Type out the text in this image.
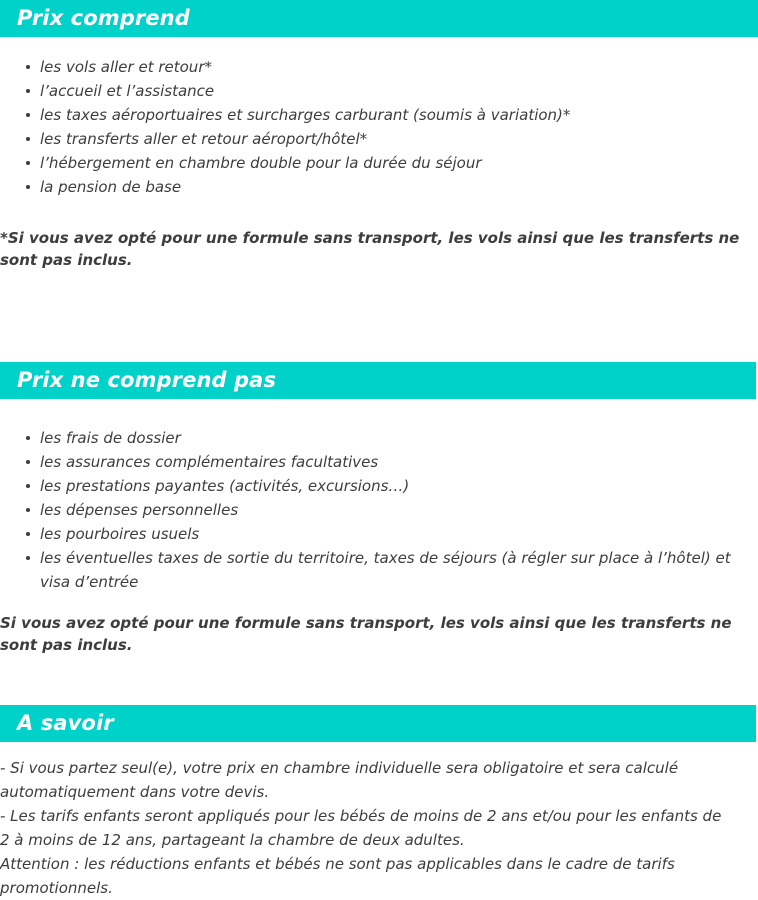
Prix comprend
les vols aller et retour*
l’accueil et l’assistance
les taxes aéroportuaires et surcharges carburant (soumis à variation)*
les transferts aller et retour aéroport/hôtel*
l’hébergement en chambre double pour la durée du séjour
la pension de base

*Si vous avez opté pour une formule sans transport, les vols ainsi que les transferts ne sont pas inclus.

Prix ne comprend pas
les frais de dossier
les assurances complémentaires facultatives
les prestations payantes (activités, excursions…)
les dépenses personnelles
les pourboires usuels
les éventuelles taxes de sortie du territoire, taxes de séjours (à régler sur place à l’hôtel) et visa d’entrée

Si vous avez opté pour une formule sans transport, les vols ainsi que les transferts ne sont pas inclus.

A savoir

- Si vous partez seul(e), votre prix en chambre individuelle sera obligatoire et sera calculé automatiquement dans votre devis.

- Les tarifs enfants seront appliqués pour les bébés de moins de 2 ans et/ou pour les enfants de 2 à moins de 12 ans, partageant la chambre de deux adultes.

Attention : les réductions enfants et bébés ne sont pas applicables dans le cadre de tarifs promotionnels.
